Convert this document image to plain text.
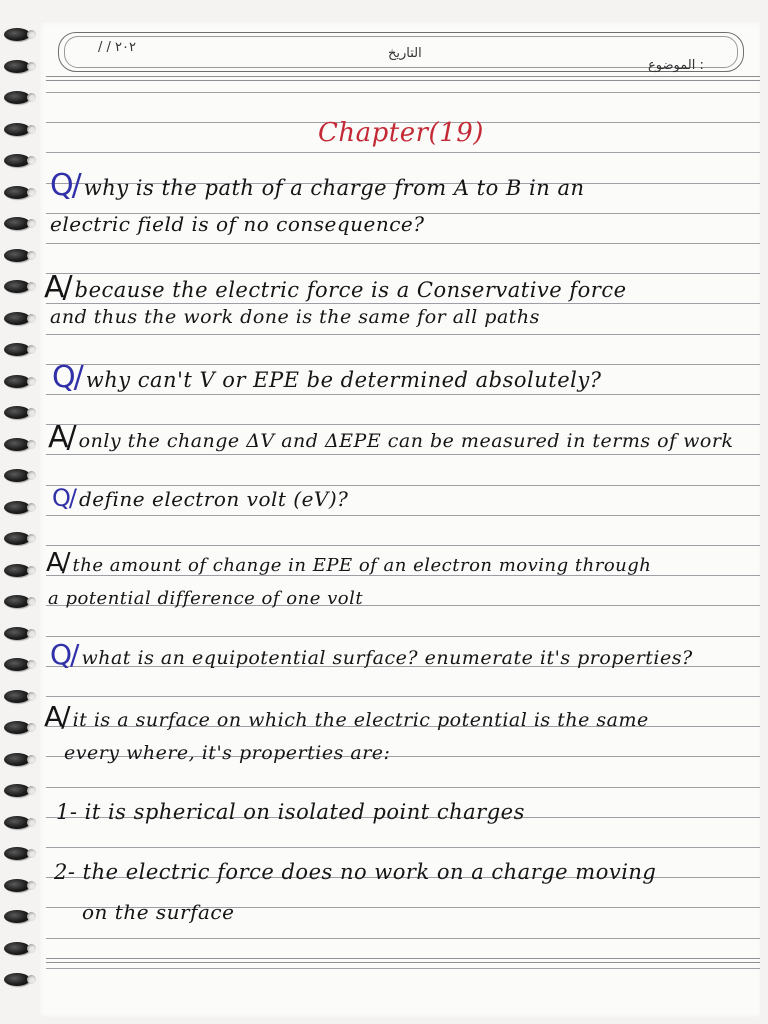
٢٠٢ / /	التاريخ
الموضوع :
Chapter(19)
Q/ why is the path of a charge from A to B in an
electric field is of no consequence?
A/ because the electric force is a Conservative force
and thus the work done is the same for all paths
Q/ why can't V or EPE be determined absolutely?
A/ only the change ΔV and ΔEPE can be measured in terms of work
Q/ define electron volt (eV)?
A/ the amount of change in EPE of an electron moving through
a potential difference of one volt
Q/ what is an equipotential surface? enumerate it's properties?
A/ it is a surface on which the electric potential is the same
every where, it's properties are:
1- it is spherical on isolated point charges
2- the electric force does no work on a charge moving
on the surface
